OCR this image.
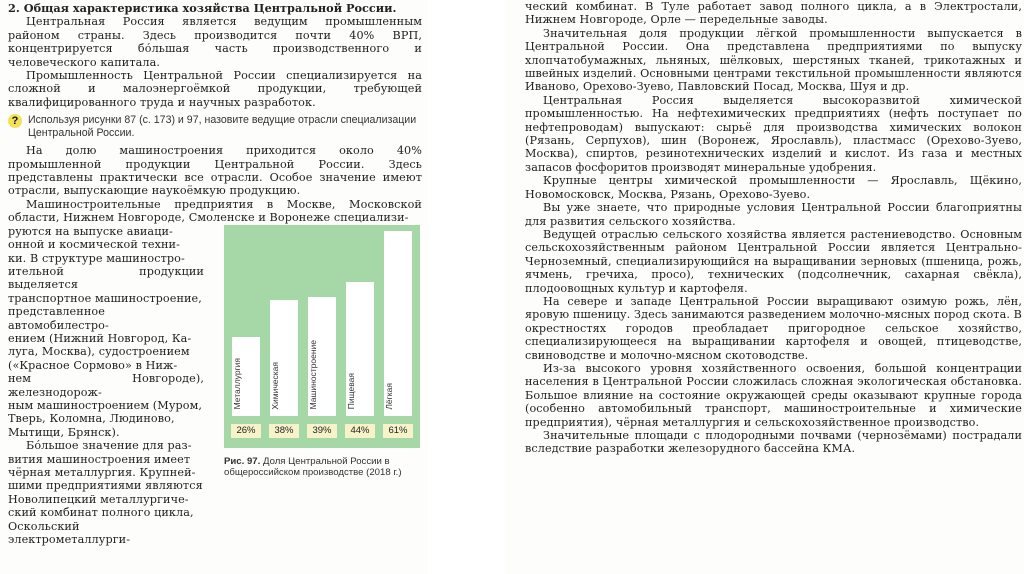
2. Общая характеристика хозяйства Центральной России.

Центральная Россия является ведущим промышленным районом страны. Здесь производится почти 40% ВРП, концентрируется бо́льшая часть производственного и человеческого капитала.

Промышленность Центральной России специализируется на сложной и малоэнергоёмкой продукции, требующей квалифицированного труда и научных разработок.

? Используя рисунки 87 (с. 173) и 97, назовите ведущие отрасли специализации Центральной России.

На долю машиностроения приходится около 40% промышленной продукции Центральной России. Здесь представлены практически все отрасли. Особое значение имеют отрасли, выпускающие наукоёмкую продукцию.

Машиностроительные предприятия в Москве, Московской области, Нижнем Новгороде, Смоленске и Воронеже специализи-

руются на выпуске авиаци-
онной и космической техни-
ки. В структуре машиностро-
ительной продукции выделяется
транспортное машиностроение,
представленное автомобилестро-
ением (Нижний Новгород, Ка-
луга, Москва), судостроением
(«Красное Сормово» в Ниж-
нем Новгороде), железнодорож-
ным машиностроением (Муром,
Тверь, Коломна, Людиново,
Мытищи, Брянск).

Бо́льшое значение для раз-
вития машиностроения имеет
чёрная металлургия. Крупней-
шими предприятиями являются
Новолипецкий металлургиче-
ский комбинат полного цикла,
Оскольский электрометаллурги-

Металлургия
26%
Химическая
38%
Машиностроение
39%
Пищевая
44%
Лёгкая
61%
Рис. 97. Доля Центральной России в общероссийском производстве (2018 г.)

ческий комбинат. В Туле работает завод полного цикла, а в Электростали, Нижнем Новгороде, Орле — передельные заводы.

Значительная доля продукции лёгкой промышленности выпускается в Центральной России. Она представлена предприятиями по выпуску хлопчатобумажных, льняных, шёлковых, шерстяных тканей, трикотажных и швейных изделий. Основными центрами текстильной промышленности являются Иваново, Орехово-Зуево, Павловский Посад, Москва, Шуя и др.

Центральная Россия выделяется высокоразвитой химической промышленностью. На нефтехимических предприятиях (нефть поступает по нефтепроводам) выпускают: сырьё для производства химических волокон (Рязань, Серпухов), шин (Воронеж, Ярославль), пластмасс (Орехово-Зуево, Москва), спиртов, резинотехнических изделий и кислот. Из газа и местных запасов фосфоритов производят минеральные удобрения.

Крупные центры химической промышленности — Ярославль, Щёкино, Новомосковск, Москва, Рязань, Орехово-Зуево.

Вы уже знаете, что природные условия Центральной России благоприятны для развития сельского хозяйства.

Ведущей отраслью сельского хозяйства является растениеводство. Основным сельскохозяйственным районом Центральной России является Центрально-Черноземный, специализирующийся на выращивании зерновых (пшеница, рожь, ячмень, гречиха, просо), технических (подсолнечник, сахарная свёкла), плодоовощных культур и картофеля.

На севере и западе Центральной России выращивают озимую рожь, лён, яровую пшеницу. Здесь занимаются разведением молочно-мясных пород скота. В окрестностях городов преобладает пригородное сельское хозяйство, специализирующееся на выращивании картофеля и овощей, птицеводстве, свиноводстве и молочно-мясном скотоводстве.

Из-за высокого уровня хозяйственного освоения, большой концентрации населения в Центральной России сложилась сложная экологическая обстановка. Большое влияние на состояние окружающей среды оказывают крупные города (особенно автомобильный транспорт, машиностроительные и химические предприятия), чёрная металлургия и сельскохозяйственное производство.

Значительные площади с плодородными почвами (чернозёмами) пострадали вследствие разработки железорудного бассейна КМА.
